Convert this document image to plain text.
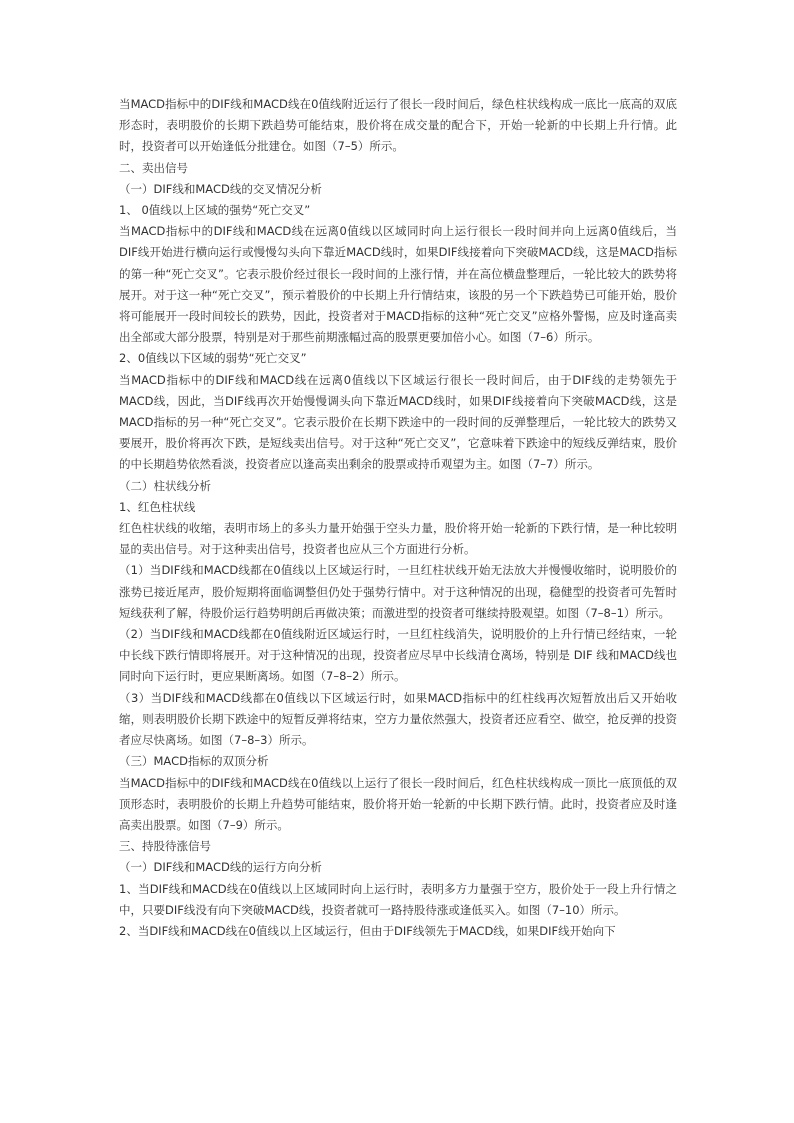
当MACD指标中的DIF线和MACD线在0值线附近运行了很长一段时间后，绿色柱状线构成一底比一底高的双底形态时，表明股价的长期下跌趋势可能结束，股价将在成交量的配合下，开始一轮新的中长期上升行情。此时，投资者可以开始逢低分批建仓。如图（7–5）所示。

二、卖出信号

（一）DIF线和MACD线的交叉情况分析

1、 0值线以上区域的强势“死亡交叉”

当MACD指标中的DIF线和MACD线在远离0值线以区域同时向上运行很长一段时间并向上远离0值线后，当DIF线开始进行横向运行或慢慢勾头向下靠近MACD线时，如果DIF线接着向下突破MACD线，这是MACD指标的第一种“死亡交叉”。它表示股价经过很长一段时间的上涨行情，并在高位横盘整理后，一轮比较大的跌势将展开。对于这一种“死亡交叉”，预示着股价的中长期上升行情结束，该股的另一个下跌趋势已可能开始，股价将可能展开一段时间较长的跌势，因此，投资者对于MACD指标的这种“死亡交叉”应格外警惕，应及时逢高卖出全部或大部分股票，特别是对于那些前期涨幅过高的股票更要加倍小心。如图（7–6）所示。

2、0值线以下区域的弱势“死亡交叉”

当MACD指标中的DIF线和MACD线在远离0值线以下区域运行很长一段时间后，由于DIF线的走势领先于MACD线，因此，当DIF线再次开始慢慢调头向下靠近MACD线时，如果DIF线接着向下突破MACD线，这是MACD指标的另一种“死亡交叉”。它表示股价在长期下跌途中的一段时间的反弹整理后，一轮比较大的跌势又要展开，股价将再次下跌，是短线卖出信号。对于这种“死亡交叉”，它意味着下跌途中的短线反弹结束，股价的中长期趋势依然看淡，投资者应以逢高卖出剩余的股票或持币观望为主。如图（7–7）所示。

（二）柱状线分析

1、红色柱状线

红色柱状线的收缩，表明市场上的多头力量开始强于空头力量，股价将开始一轮新的下跌行情，是一种比较明显的卖出信号。对于这种卖出信号，投资者也应从三个方面进行分析。

（1）当DIF线和MACD线都在0值线以上区域运行时，一旦红柱状线开始无法放大并慢慢收缩时，说明股价的涨势已接近尾声，股价短期将面临调整但仍处于强势行情中。对于这种情况的出现，稳健型的投资者可先暂时短线获利了解，待股价运行趋势明朗后再做决策；而激进型的投资者可继续持股观望。如图（7–8–1）所示。

（2）当DIF线和MACD线都在0值线附近区域运行时，一旦红柱线消失，说明股价的上升行情已经结束，一轮中长线下跌行情即将展开。对于这种情况的出现，投资者应尽早中长线清仓离场，特别是 DIF 线和MACD线也同时向下运行时，更应果断离场。如图（7–8–2）所示。

（3）当DIF线和MACD线都在0值线以下区域运行时，如果MACD指标中的红柱线再次短暂放出后又开始收缩，则表明股价长期下跌途中的短暂反弹将结束，空方力量依然强大，投资者还应看空、做空，抢反弹的投资者应尽快离场。如图（7–8–3）所示。

（三）MACD指标的双顶分析

当MACD指标中的DIF线和MACD线在0值线以上运行了很长一段时间后，红色柱状线构成一顶比一底顶低的双顶形态时，表明股价的长期上升趋势可能结束，股价将开始一轮新的中长期下跌行情。此时，投资者应及时逢高卖出股票。如图（7–9）所示。

三、持股待涨信号

（一）DIF线和MACD线的运行方向分析

1、当DIF线和MACD线在0值线以上区域同时向上运行时，表明多方力量强于空方，股价处于一段上升行情之中，只要DIF线没有向下突破MACD线，投资者就可一路持股待涨或逢低买入。如图（7–10）所示。

2、当DIF线和MACD线在0值线以上区域运行，但由于DIF线领先于MACD线，如果DIF线开始向下
